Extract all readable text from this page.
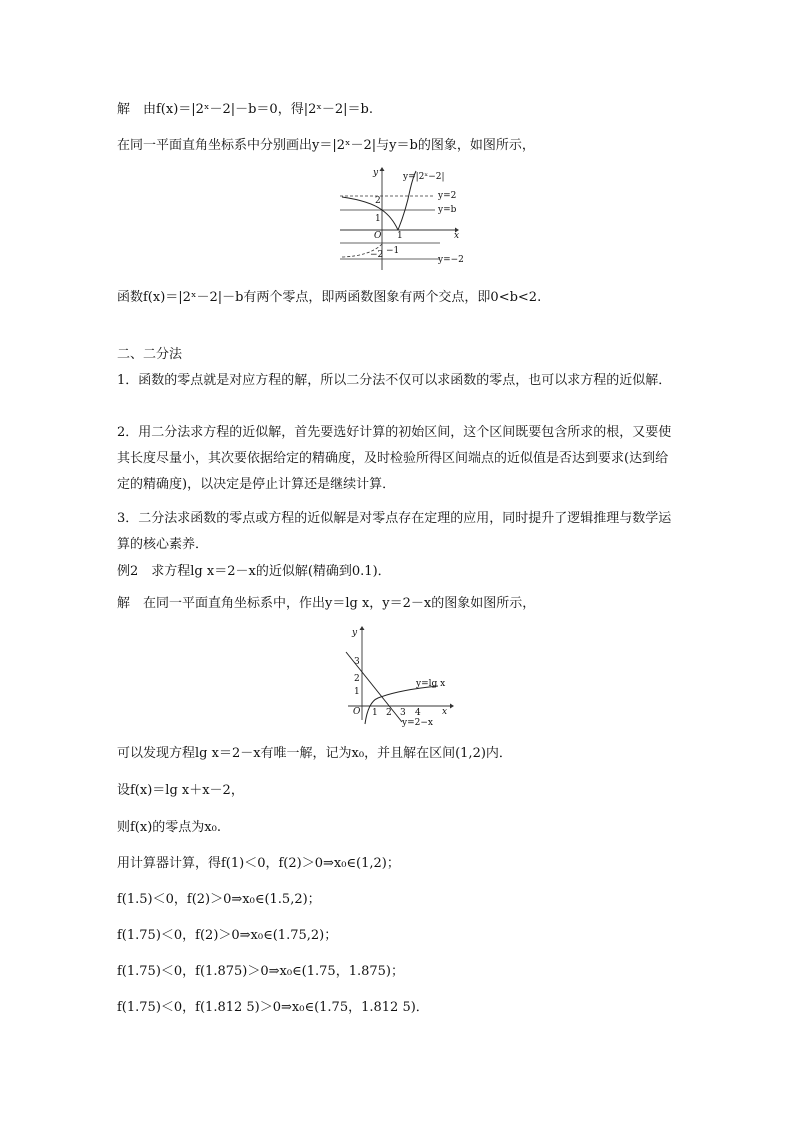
解　由f(x)＝|2ˣ－2|－b＝0，得|2ˣ－2|＝b.
在同一平面直角坐标系中分别画出y＝|2ˣ－2|与y＝b的图象，如图所示，
y	y=|2ˣ−2|
y=2
y=b
2
1
O 1	x
−1
−2	y=−2
函数f(x)＝|2ˣ－2|－b有两个零点，即两函数图象有两个交点，即0<b<2.
二、二分法
1．函数的零点就是对应方程的解，所以二分法不仅可以求函数的零点，也可以求方程的近似解．
2．用二分法求方程的近似解，首先要选好计算的初始区间，这个区间既要包含所求的根，又要使其长度尽量小，其次要依据给定的精确度，及时检验所得区间端点的近似值是否达到要求(达到给定的精确度)，以决定是停止计算还是继续计算．
3．二分法求函数的零点或方程的近似解是对零点存在定理的应用，同时提升了逻辑推理与数学运算的核心素养．
例2　求方程lg x＝2－x的近似解(精确到0.1)．
解　在同一平面直角坐标系中，作出y＝lg x，y＝2－x的图象如图所示，
y
3
2
1
O 1 2 3 4 x
y=lg x
y=2−x
可以发现方程lg x＝2－x有唯一解，记为x₀，并且解在区间(1,2)内．
设f(x)＝lg x＋x－2，
则f(x)的零点为x₀.
用计算器计算，得f(1)＜0，f(2)＞0⇒x₀∈(1,2)；
f(1.5)＜0，f(2)＞0⇒x₀∈(1.5,2)；
f(1.75)＜0，f(2)＞0⇒x₀∈(1.75,2)；
f(1.75)＜0，f(1.875)＞0⇒x₀∈(1.75，1.875)；
f(1.75)＜0，f(1.812 5)＞0⇒x₀∈(1.75，1.812 5)．
